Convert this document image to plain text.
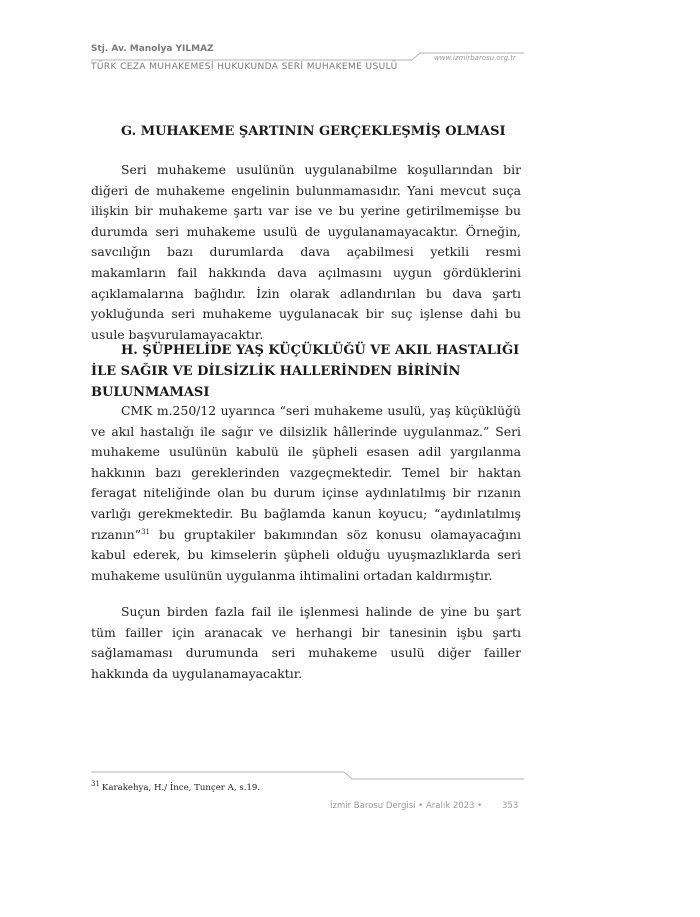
Stj. Av. Manolya YILMAZ
TÜRK CEZA MUHAKEMESİ HUKUKUNDA SERİ MUHAKEME USULÜ
www.izmirbarosu.org.tr
G. MUHAKEME ŞARTININ GERÇEKLEŞMİŞ OLMASI

Seri muhakeme usulünün uygulanabilme koşullarından bir diğeri de muhakeme engelinin bulunmamasıdır. Yani mevcut suça ilişkin bir muhakeme şartı var ise ve bu yerine getirilmemişse bu durumda seri muhakeme usulü de uygulanamayacaktır. Örneğin, savcılığın bazı durumlarda dava açabilmesi yetkili resmi makamların fail hakkında dava açılmasını uygun gördüklerini açıklamalarına bağlıdır. İzin olarak adlandırılan bu dava şartı yokluğunda seri muhakeme uygulanacak bir suç işlense dahi bu usule başvurulamayacaktır.

H. ŞÜPHELİDE YAŞ KÜÇÜKLÜĞÜ VE AKIL HASTALIĞI İLE SAĞIR VE DİLSİZLİK HALLERİNDEN BİRİNİN BULUNMAMASI

CMK m.250/12 uyarınca “seri muhakeme usulü, yaş küçüklüğü ve akıl hastalığı ile sağır ve dilsizlik hâllerinde uygulanmaz.” Seri muhakeme usulünün kabulü ile şüpheli esasen adil yargılanma hakkının bazı gereklerinden vazgeçmektedir. Temel bir haktan feragat niteliğinde olan bu durum içinse aydınlatılmış bir rızanın varlığı gerekmektedir. Bu bağlamda kanun koyucu; “aydınlatılmış rızanın”$^{31}$ bu gruptakiler bakımından söz konusu olamayacağını kabul ederek, bu kimselerin şüpheli olduğu uyuşmazlıklarda seri muhakeme usulünün uygulanma ihtimalini ortadan kaldırmıştır.

Suçun birden fazla fail ile işlenmesi halinde de yine bu şart tüm failler için aranacak ve herhangi bir tanesinin işbu şartı sağlamaması durumunda seri muhakeme usulü diğer failler hakkında da uygulanamayacaktır.

$^{31}$ Karakehya, H./ İnce, Tunçer A, s.19.
İzmir Barosu Dergisi • Aralık 2023 • 353
